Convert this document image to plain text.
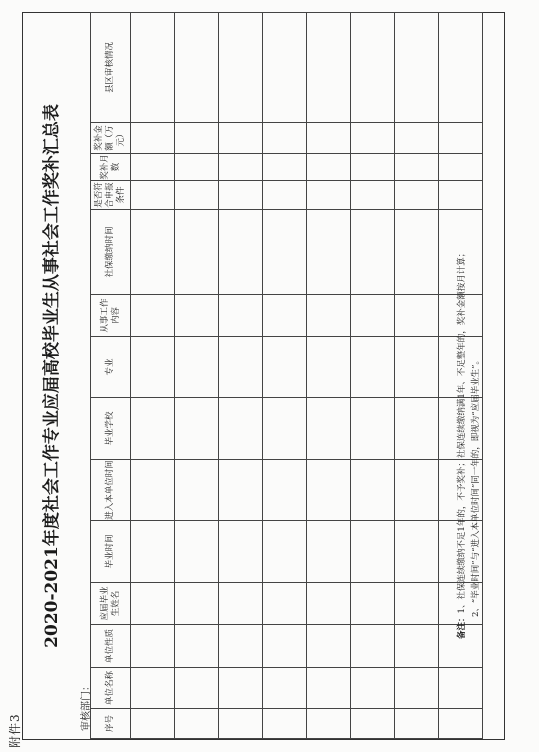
附件3
2020-2021年度社会工作专业应届高校毕业生从事社会工作奖补汇总表
审核部门： 序号	单位名称	单位性质	应届毕业生姓名	毕业时间	进入本单位时间	毕业学校	专业	从事工作内容	社保缴纳时间	是否符合申报条件	奖补月数	奖补金额（万元）	县区审核情况

备注：1、社保连续缴纳不足1年的，不予奖补；社保连续缴纳满1年、不足整年的，奖补金额按月计算； 2、“毕业时间”与“进入本单位时间”同一年的，即视为“应届毕业生”。
